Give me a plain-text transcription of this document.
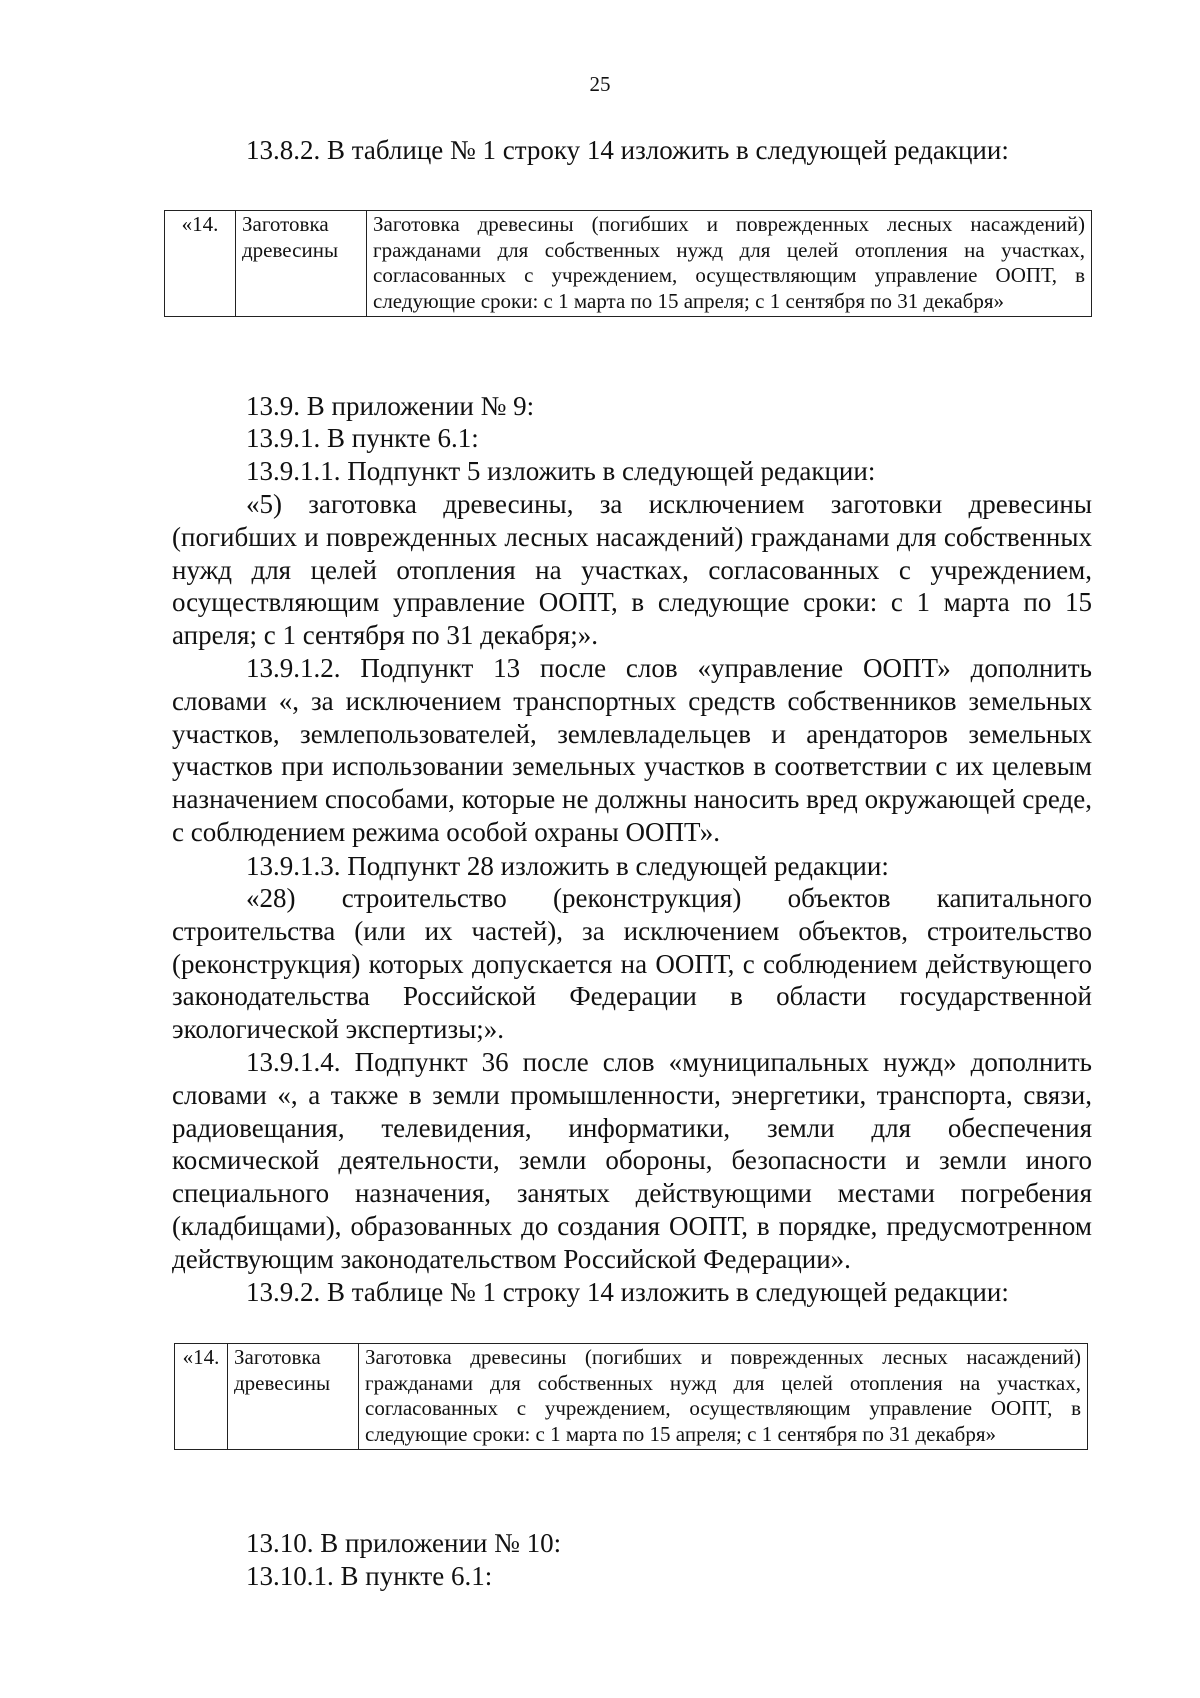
25

13.8.2. В таблице № 1 строку 14 изложить в следующей редакции:

«14.	Заготовка древесины	Заготовка древесины (погибших и поврежденных лесных насаждений) гражданами для собственных нужд для целей отопления на участках, согласованных с учреждением, осуществляющим управление ООПТ, в следующие сроки: с 1 марта по 15 апреля; с 1 сентября по 31 декабря»

13.9. В приложении № 9:

13.9.1. В пункте 6.1:

13.9.1.1. Подпункт 5 изложить в следующей редакции:

«5) заготовка древесины, за исключением заготовки древесины (погибших и поврежденных лесных насаждений) гражданами для собственных нужд для целей отопления на участках, согласованных с учреждением, осуществляющим управление ООПТ, в следующие сроки: с 1 марта по 15 апреля; с 1 сентября по 31 декабря;».

13.9.1.2. Подпункт 13 после слов «управление ООПТ» дополнить словами «, за исключением транспортных средств собственников земельных участков, землепользователей, землевладельцев и арендаторов земельных участков при использовании земельных участков в соответствии с их целевым назначением способами, которые не должны наносить вред окружающей среде, с соблюдением режима особой охраны ООПТ».

13.9.1.3. Подпункт 28 изложить в следующей редакции:

«28) строительство (реконструкция) объектов капитального строительства (или их частей), за исключением объектов, строительство (реконструкция) которых допускается на ООПТ, с соблюдением действующего законодательства Российской Федерации в области государственной экологической экспертизы;».

13.9.1.4. Подпункт 36 после слов «муниципальных нужд» дополнить словами «, а также в земли промышленности, энергетики, транспорта, связи, радиовещания, телевидения, информатики, земли для обеспечения космической деятельности, земли обороны, безопасности и земли иного специального назначения, занятых действующими местами погребения (кладбищами), образованных до создания ООПТ, в порядке, предусмотренном действующим законодательством Российской Федерации».

13.9.2. В таблице № 1 строку 14 изложить в следующей редакции:

«14.	Заготовка древесины	Заготовка древесины (погибших и поврежденных лесных насаждений) гражданами для собственных нужд для целей отопления на участках, согласованных с учреждением, осуществляющим управление ООПТ, в следующие сроки: с 1 марта по 15 апреля; с 1 сентября по 31 декабря»

13.10. В приложении № 10:

13.10.1. В пункте 6.1:
